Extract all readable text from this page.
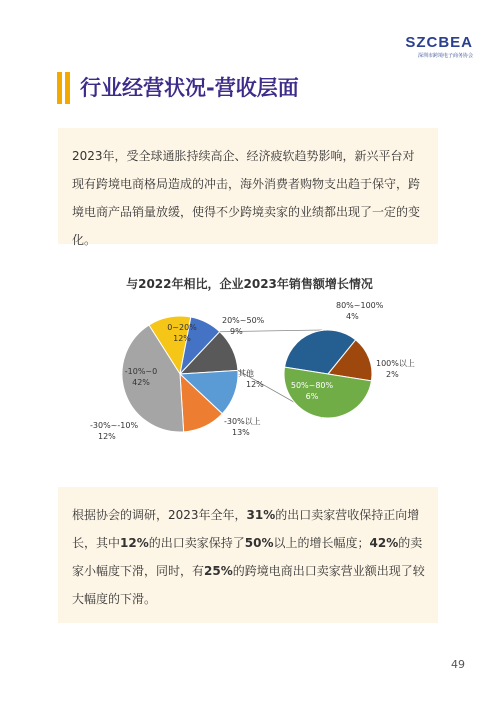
SZCBEA
深圳市跨境电子商务协会
行业经营状况-营收层面

2023年，受全球通胀持续高企、经济疲软趋势影响，新兴平台对现有跨境电商格局造成的冲击，海外消费者购物支出趋于保守，跨境电商产品销量放缓，使得不少跨境卖家的业绩都出现了一定的变化。

与2022年相比，企业2023年销售额增长情况
0~20%
12%
20%~50%
9%
其他
12%
-30%以上
13%
-30%~-10%
12%
-10%~0
42%
80%~100%
4%
100%以上
2%
50%~80%
6%

根据协会的调研，2023年全年，31%的出口卖家营收保持正向增长，其中12%的出口卖家保持了50%以上的增长幅度；42%的卖家小幅度下滑，同时，有25%的跨境电商出口卖家营业额出现了较大幅度的下滑。

49
